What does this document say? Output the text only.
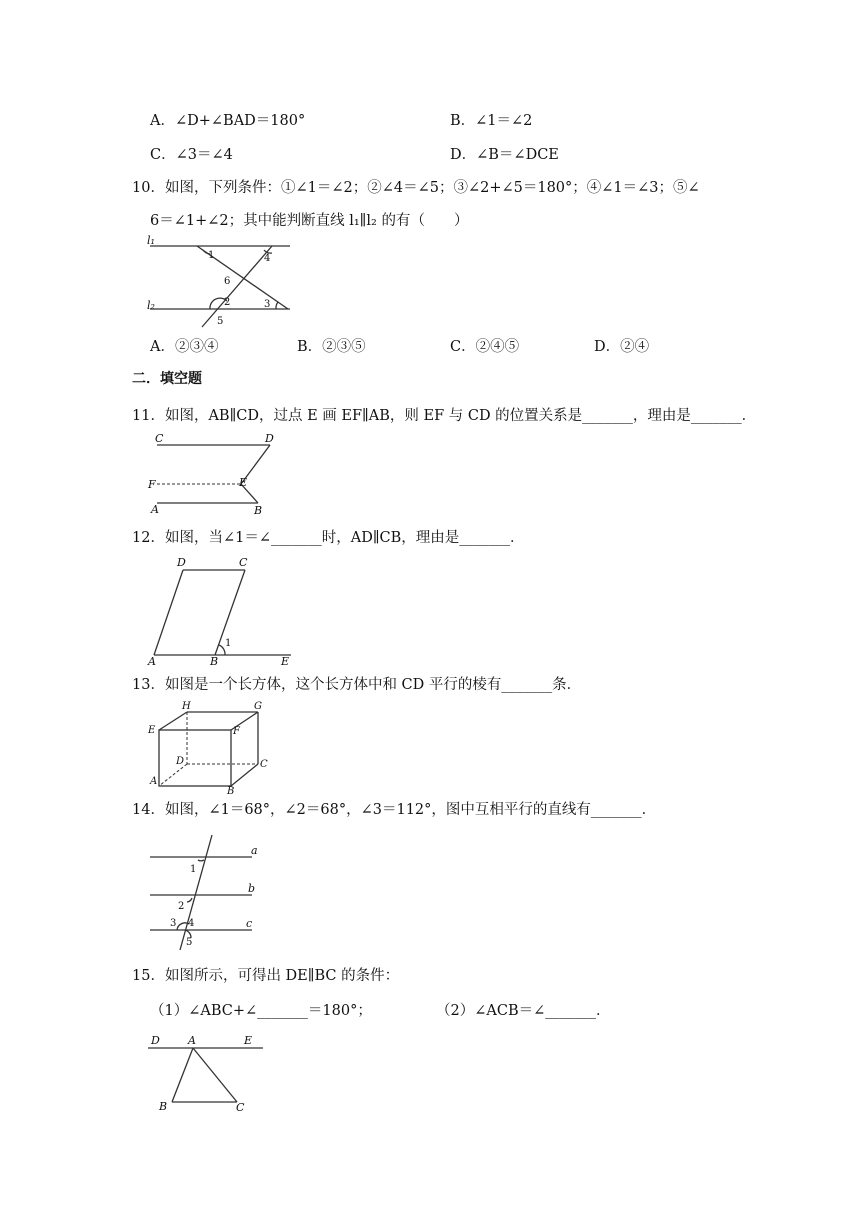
A．∠D+∠BAD＝180°	B．∠1＝∠2
C．∠3＝∠4	D．∠B＝∠DCE
10．如图，下列条件：①∠1＝∠2；②∠4＝∠5；③∠2+∠5＝180°；④∠1＝∠3；⑤∠
6＝∠1+∠2；其中能判断直线 l₁∥l₂ 的有（　　）
l₁
l₂
1	4
6
2	3
5
A．②③④	B．②③⑤	C．②④⑤	D．②④
二．填空题
11．如图，AB∥CD，过点 E 画 EF∥AB，则 EF 与 CD 的位置关系是_______，理由是_______．
C	D
F	E
A	B
12．如图，当∠1＝∠_______时，AD∥CB，理由是_______．
D	C
1
A	B	E
13．如图是一个长方体，这个长方体中和 CD 平行的棱有_______条．
H	G
E	F
D	C
A
B
14．如图，∠1＝68°，∠2＝68°，∠3＝112°，图中互相平行的直线有_______．
a
b
c
1
2
3 4
5
15．如图所示，可得出 DE∥BC 的条件：
（1）∠ABC+∠_______＝180°；	（2）∠ACB＝∠_______．
D	A	E
B	C
